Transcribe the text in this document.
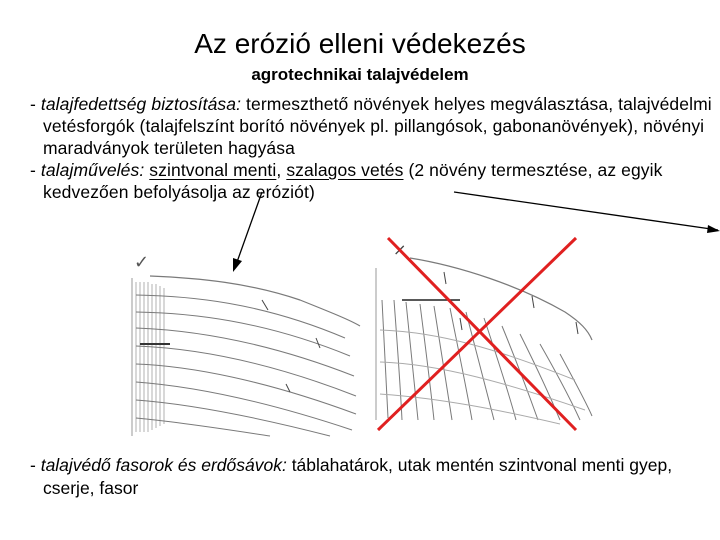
Az erózió elleni védekezés
agrotechnikai talajvédelem

- talajfedettség biztosítása: termeszthető növények helyes megválasztása, talajvédelmi vetésforgók (talajfelszínt borító növények pl. pillangósok, gabonanövények), növényi maradványok területen hagyása

- talajművelés: szintvonal menti, szalagos vetés (2 növény termesztése, az egyik kedvezően befolyásolja az eróziót)

- talajvédő fasorok és erdősávok: táblahatárok, utak mentén szintvonal menti gyep, cserje, fasor

✓
×
